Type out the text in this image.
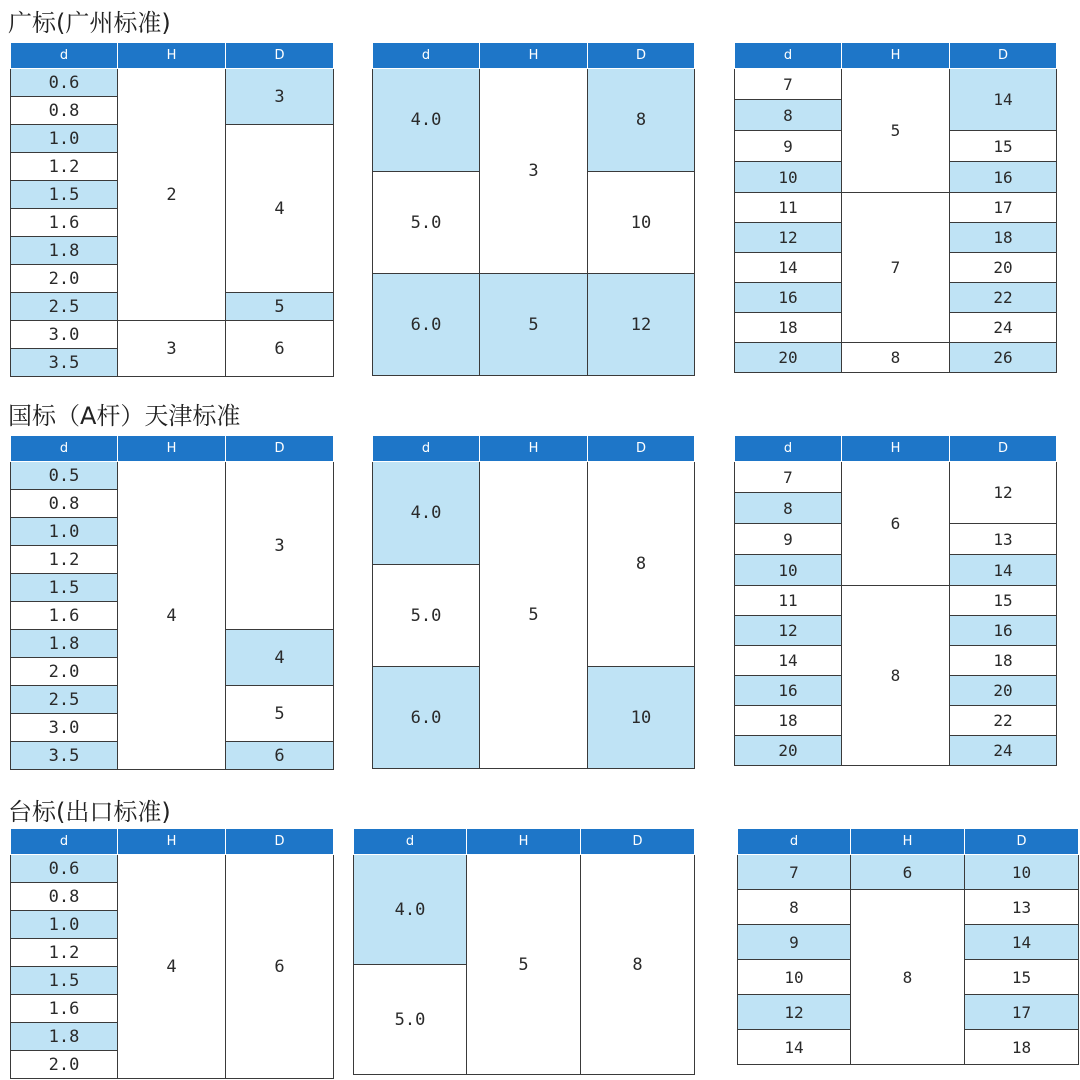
广标(广州标准)
d	H	D
0.6	2	3
0.8		
1.0		4
1.2		
1.5		
1.6		
1.8		
2.0		
2.5		5
3.0	3	6
3.5		
d	H	D
4.0	3	8
5.0		10
6.0	5	12
d	H	D
7	5	14
8		
9		15
10		16
11	7	17
12		18
14		20
16		22
18		24
20	8	26
国标（A杆）天津标准
d	H	D
0.5	4	3
0.8		
1.0		
1.2		
1.5		
1.6		
1.8		4
2.0		
2.5		5
3.0		
3.5		6
d	H	D
4.0	5	8
5.0		
6.0		10
d	H	D
7	6	12
8		
9		13
10		14
11	8	15
12		16
14		18
16		20
18		22
20		24
台标(出口标准)
d	H	D
0.6	4	6
0.8		
1.0		
1.2		
1.5		
1.6		
1.8		
2.0		
d	H	D
4.0	5	8
5.0		
d	H	D
7	6	10
8	8	13
9		14
10		15
12		17
14		18
